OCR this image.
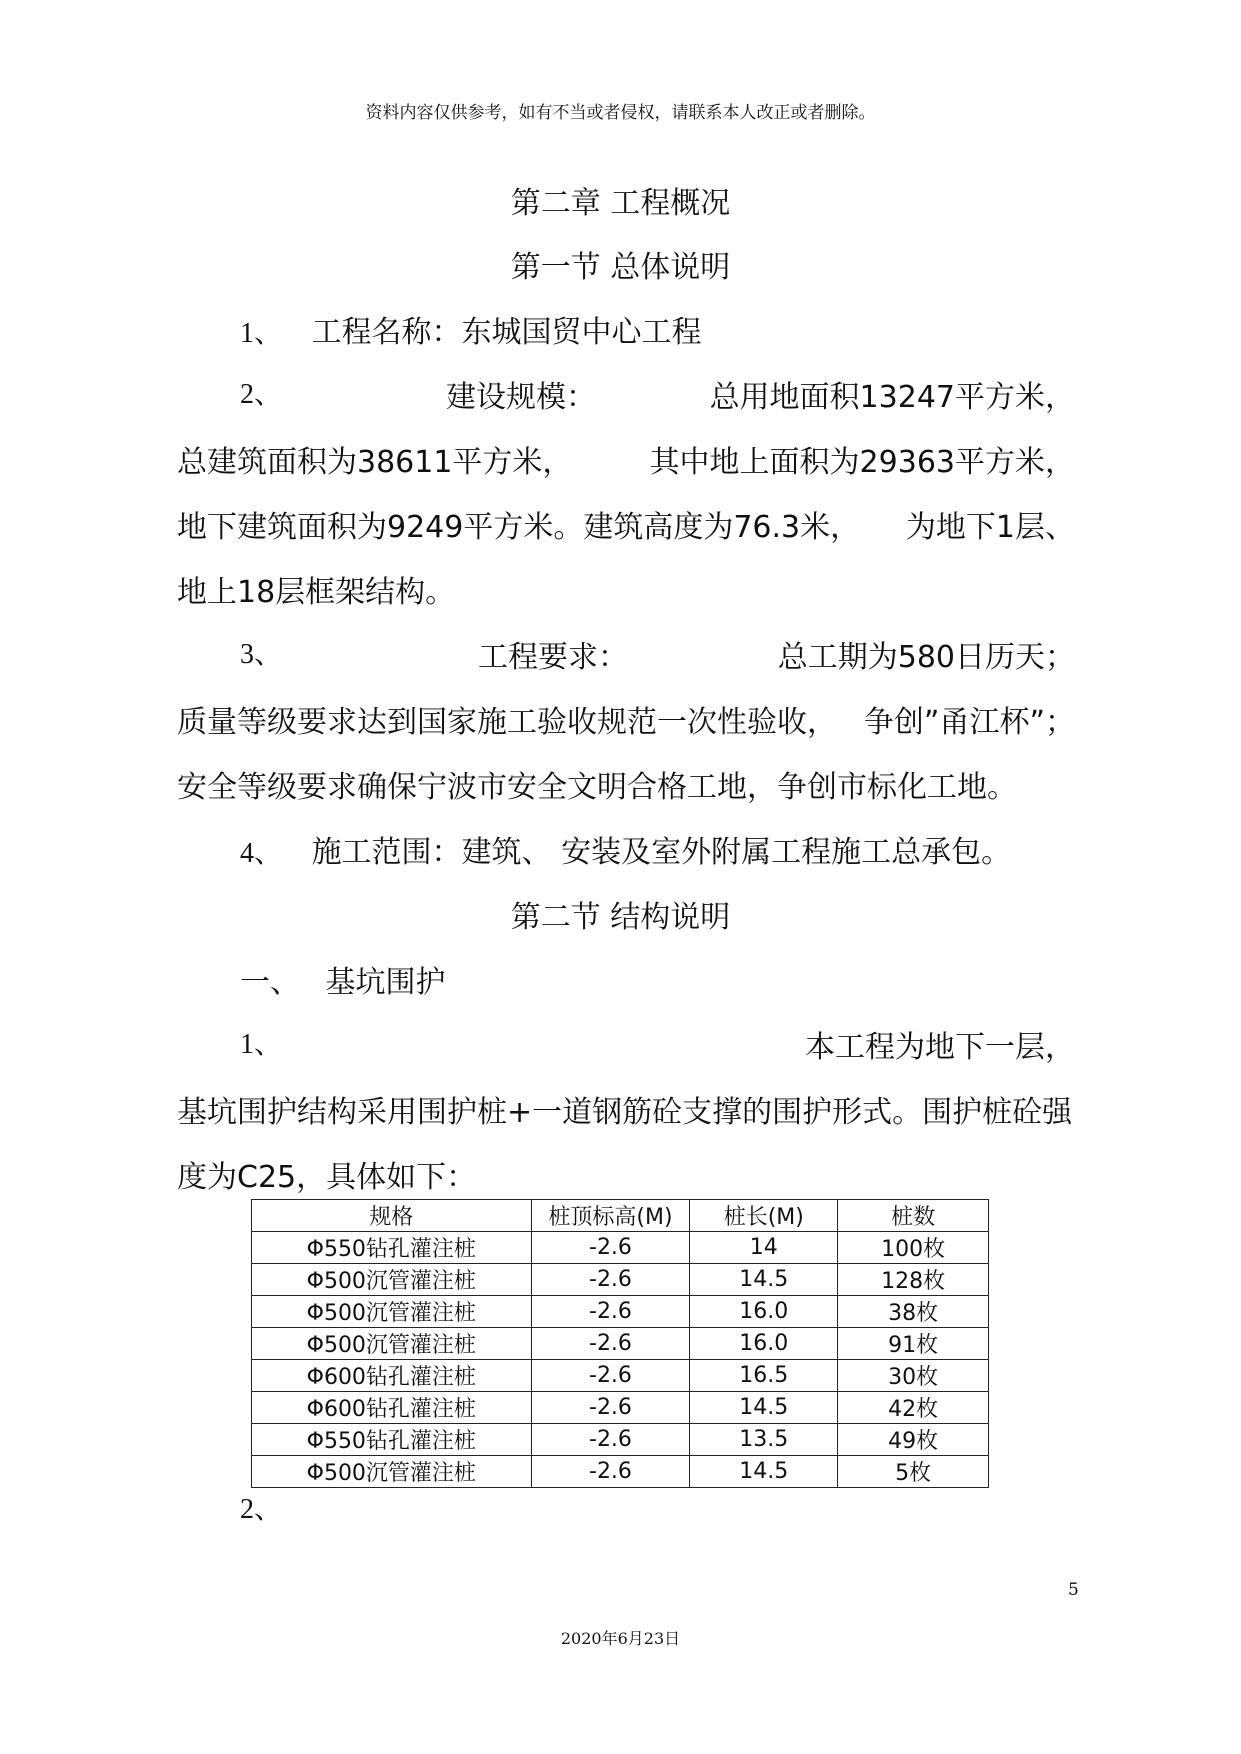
资料内容仅供参考，如有不当或者侵权，请联系本人改正或者删除。
第二章 工程概况
第一节 总体说明
1、 工程名称：东城国贸中心工程
2、	建设规模：	总用地面积13247平方米，
总建筑面积为38611平方米，	其中地上面积为29363平方米，
地下建筑面积为9249平方米。建筑高度为76.3米， 为地下1层、
地上18层框架结构。
3、	工程要求：	总工期为580日历天；
质量等级要求达到国家施工验收规范一次性验收， 争创”甬江杯”；
安全等级要求确保宁波市安全文明合格工地，争创市标化工地。
4、 施工范围：建筑、 安装及室外附属工程施工总承包。
第二节 结构说明
一、 基坑围护
1、	本工程为地下一层，
基坑围护结构采用围护桩+一道钢筋砼支撑的围护形式。围护桩砼强
度为C25，具体如下：
规格	桩顶标高(M)	桩长(M)	桩数
Φ550钻孔灌注桩	-2.6	14	100枚
Φ500沉管灌注桩	-2.6	14.5	128枚
Φ500沉管灌注桩	-2.6	16.0	38枚
Φ500沉管灌注桩	-2.6	16.0	91枚
Φ600钻孔灌注桩	-2.6	16.5	30枚
Φ600钻孔灌注桩	-2.6	14.5	42枚
Φ550钻孔灌注桩	-2.6	13.5	49枚
Φ500沉管灌注桩	-2.6	14.5	5枚
2、
5
2020年6月23日
